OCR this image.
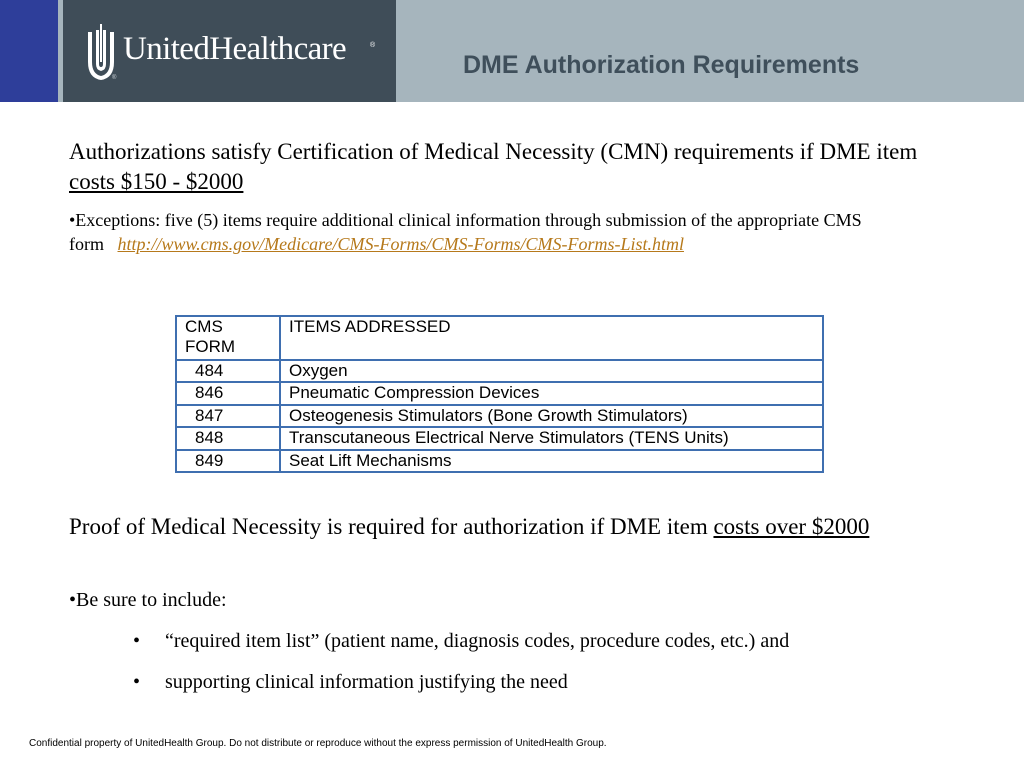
UnitedHealthcare	®
®	DME Authorization Requirements

Authorizations satisfy Certification of Medical Necessity (CMN) requirements if DME item costs $150 - $2000

•Exceptions: five (5) items require additional clinical information through submission of the appropriate CMS form http://www.cms.gov/Medicare/CMS-Forms/CMS-Forms/CMS-Forms-List.html

CMS FORM	ITEMS ADDRESSED
484	Oxygen
846	Pneumatic Compression Devices
847	Osteogenesis Stimulators (Bone Growth Stimulators)
848	Transcutaneous Electrical Nerve Stimulators (TENS Units)
849	Seat Lift Mechanisms

Proof of Medical Necessity is required for authorization if DME item costs over $2000

•Be sure to include:

• “required item list” (patient name, diagnosis codes, procedure codes, etc.) and
• supporting clinical information justifying the need
Confidential property of UnitedHealth Group. Do not distribute or reproduce without the express permission of UnitedHealth Group.
